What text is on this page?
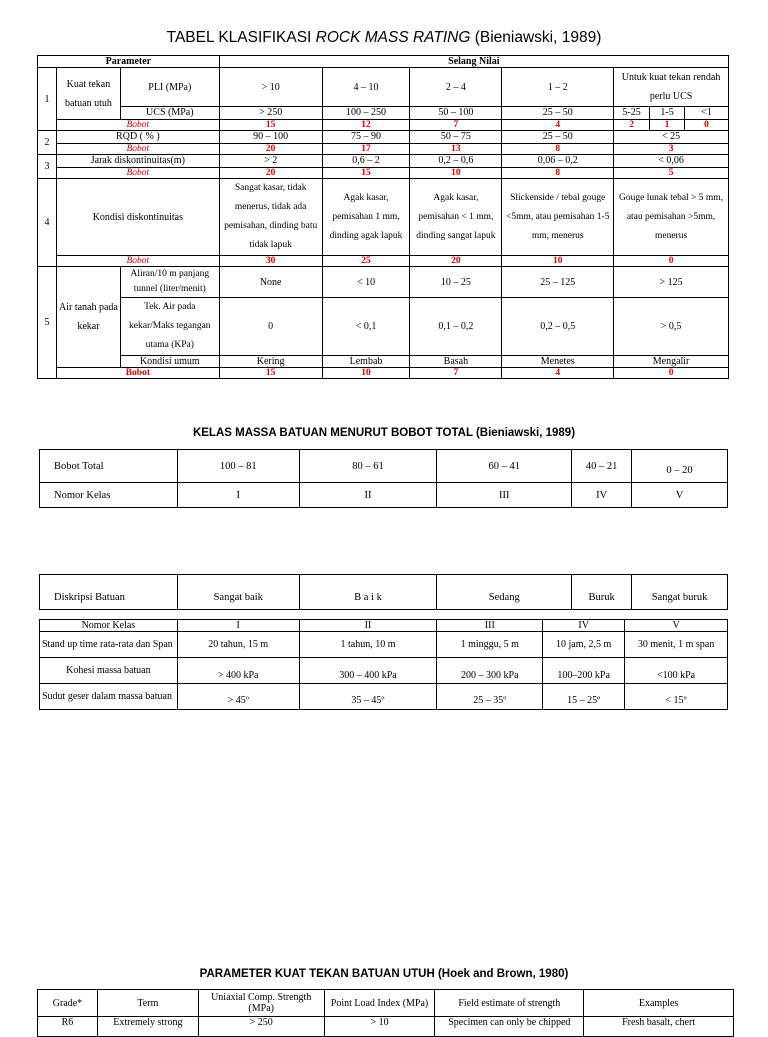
TABEL KLASIFIKASI ROCK MASS RATING (Bieniawski, 1989)
Parameter			Selang Nilai						
1	Kuat tekan batuan utuh	PLI (MPa)	> 10	4 – 10	2 – 4	1 – 2	Untuk kuat tekan rendah perlu UCS		
		UCS (MPa)	> 250	100 – 250	50 – 100	25 – 50	5-25	1-5	<1
	Bobot		15	12	7	4	2	1	0
2	RQD ( % )		90 – 100	75 – 90	50 – 75	25 – 50	< 25		
	Bobot		20	17	13	8	3		
3	Jarak diskontinuitas(m)		> 2	0,6 – 2	0,2 – 0,6	0,06 – 0,2	< 0,06		
	Bobot		20	15	10	8	5		
4	Kondisi diskontinuitas		Sangat kasar, tidak menerus, tidak ada pemisahan, dinding batu tidak lapuk	Agak kasar, pemisahan 1 mm, dinding agak lapuk	Agak kasar, pemisahan < 1 mm, dinding sangat lapuk	Slickenside / tebal gouge <5mm, atau pemisahan 1-5 mm, menerus	Gouge lunak tebal > 5 mm, atau pemisahan >5mm, menerus		
	Bobot		30	25	20	10	0		
5	Air tanah pada kekar	Aliran/10 m panjang tunnel (liter/menit)	None	< 10	10 – 25	25 – 125	> 125		
		Tek. Air pada kekar/Maks tegangan utama (KPa)	0	< 0,1	0,1 – 0,2	0,2 – 0,5	> 0,5		
		Kondisi umum	Kering	Lembab	Basah	Menetes	Mengalir		
	Bobot		15	10	7	4	0		
KELAS MASSA BATUAN MENURUT BOBOT TOTAL (Bieniawski, 1989)
Bobot Total	100 – 81	80 – 61	60 – 41	40 – 21	0 – 20
Nomor Kelas	I	II	III	IV	V
Diskripsi Batuan	Sangat baik	B a i k	Sedang	Buruk	Sangat buruk
Nomor Kelas	I	II	III	IV	V
Stand up time rata-rata dan Span	20 tahun, 15 m	1 tahun, 10 m	1 minggu, 5 m	10 jam, 2,5 m	30 menit, 1 m span
Kohesi massa batuan	> 400 kPa	300 – 400 kPa	200 – 300 kPa	100–200 kPa	<100 kPa
Sudut geser dalam massa batuan	> 45º	35 – 45º	25 – 35º	15 – 25º	< 15º
PARAMETER KUAT TEKAN BATUAN UTUH (Hoek and Brown, 1980)
Grade*	Term	Uniaxial Comp. Strength (MPa)	Point Load Index (MPa)	Field estimate of strength	Examples
R6	Extremely strong	> 250	> 10	Specimen can only be chipped	Fresh basalt, chert
